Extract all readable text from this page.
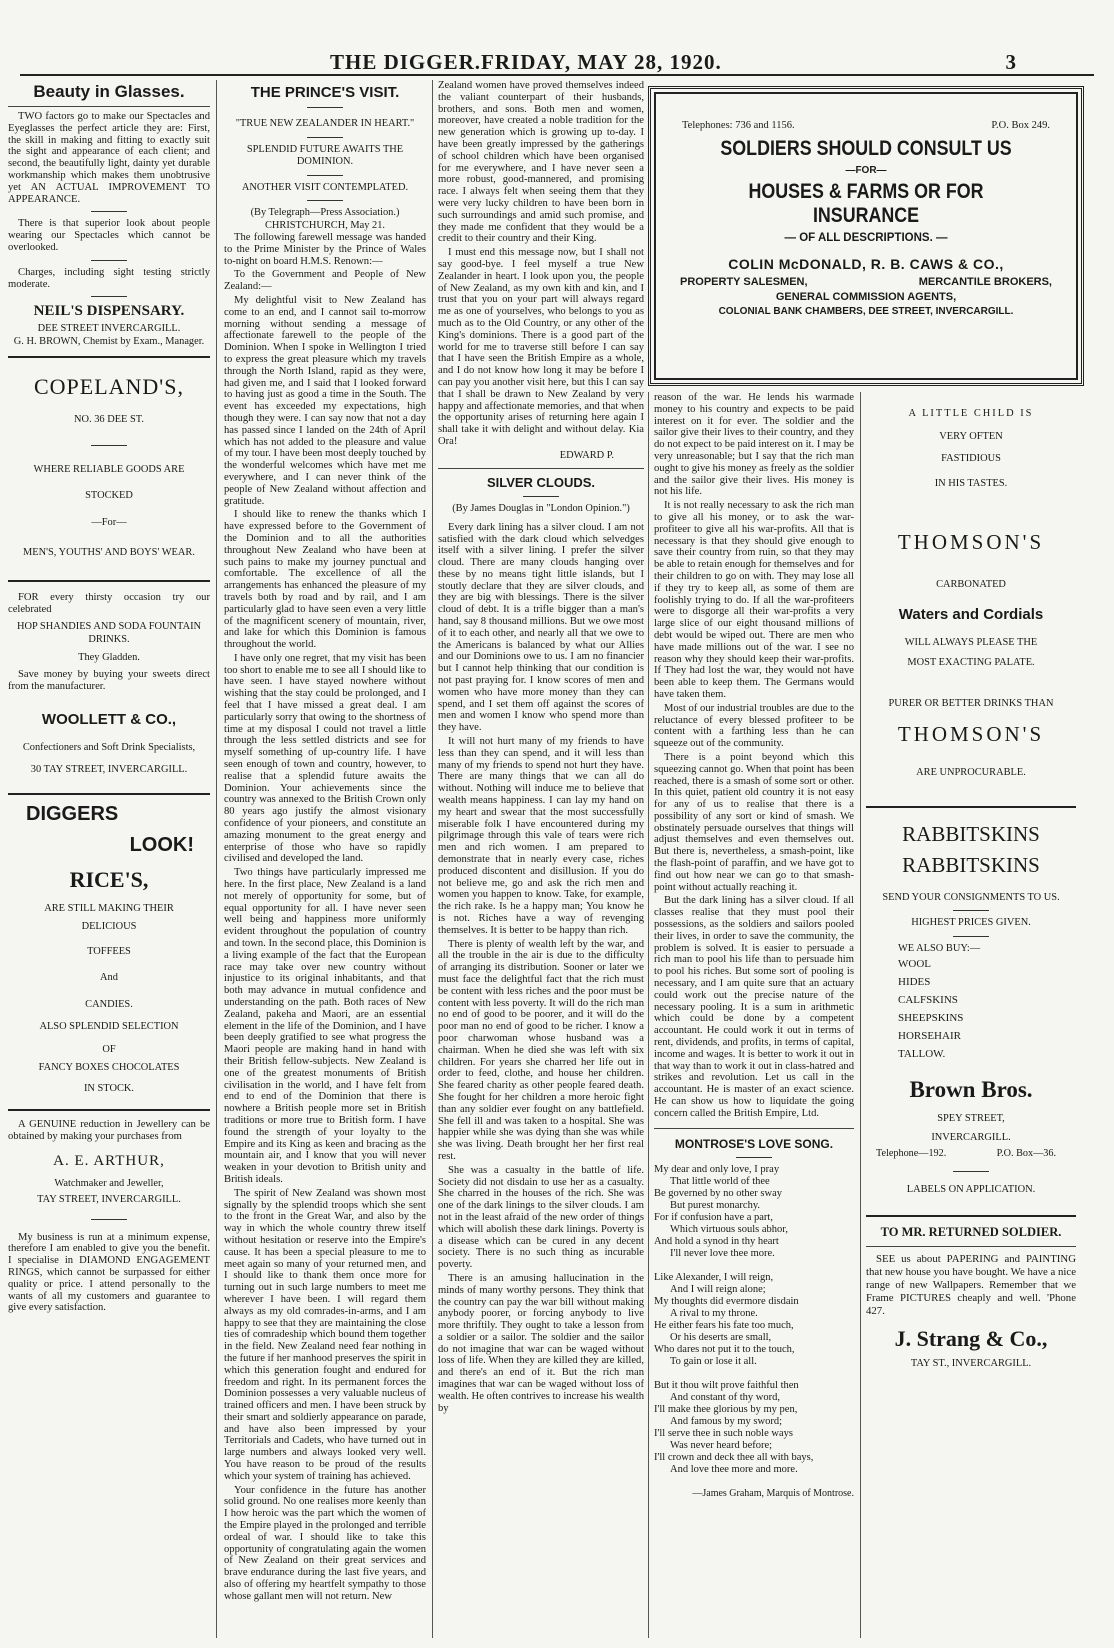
THE DIGGER.FRIDAY, MAY 28, 1920.	3
Beauty in Glasses.

TWO factors go to make our Spectacles and Eyeglasses the perfect article they are: First, the skill in making and fitting to exactly suit the sight and appearance of each client; and second, the beautifully light, dainty yet durable workmanship which makes them unobtrusive yet AN ACTUAL IMPROVEMENT TO APPEARANCE.

There is that superior look about people wearing our Spectacles which cannot be overlooked.

Charges, including sight testing strictly moderate.

NEIL'S DISPENSARY.

DEE STREET INVERCARGILL.

G. H. BROWN, Chemist by Exam., Manager.

COPELAND'S,

NO. 36 DEE ST.

WHERE RELIABLE GOODS ARE

STOCKED

—For—

MEN'S, YOUTHS' AND BOYS' WEAR.

FOR every thirsty occasion try our celebrated

HOP SHANDIES AND SODA FOUNTAIN DRINKS.

They Gladden.

Save money by buying your sweets direct from the manufacturer.

WOOLLETT & CO.,

Confectioners and Soft Drink Specialists,

30 TAY STREET, INVERCARGILL.

DIGGERS
LOOK!
RICE'S,

ARE STILL MAKING THEIR

DELICIOUS

TOFFEES

And

CANDIES.

ALSO SPLENDID SELECTION

OF

FANCY BOXES CHOCOLATES

IN STOCK.

A GENUINE reduction in Jewellery can be obtained by making your purchases from

A. E. ARTHUR,

Watchmaker and Jeweller,

TAY STREET, INVERCARGILL.

My business is run at a minimum expense, therefore I am enabled to give you the benefit. I specialise in DIAMOND ENGAGEMENT RINGS, which cannot be surpassed for either quality or price. I attend personally to the wants of all my customers and guarantee to give every satisfaction.

THE PRINCE'S VISIT.

"TRUE NEW ZEALANDER IN HEART."

SPLENDID FUTURE AWAITS THE DOMINION.

ANOTHER VISIT CONTEMPLATED.

(By Telegraph—Press Association.)

CHRISTCHURCH, May 21.

The following farewell message was handed to the Prime Minister by the Prince of Wales to-night on board H.M.S. Renown:—

To the Government and People of New Zealand:—

My delightful visit to New Zealand has come to an end, and I cannot sail to-morrow morning without sending a message of affectionate farewell to the people of the Dominion. When I spoke in Wellington I tried to express the great pleasure which my travels through the North Island, rapid as they were, had given me, and I said that I looked forward to having just as good a time in the South. The event has exceeded my expectations, high though they were. I can say now that not a day has passed since I landed on the 24th of April which has not added to the pleasure and value of my tour. I have been most deeply touched by the wonderful welcomes which have met me everywhere, and I can never think of the people of New Zealand without affection and gratitude.

I should like to renew the thanks which I have expressed before to the Government of the Dominion and to all the authorities throughout New Zealand who have been at such pains to make my journey punctual and comfortable. The excellence of all the arrangements has enhanced the pleasure of my travels both by road and by rail, and I am particularly glad to have seen even a very little of the magnificent scenery of mountain, river, and lake for which this Dominion is famous throughout the world.

I have only one regret, that my visit has been too short to enable me to see all I should like to have seen. I have stayed nowhere without wishing that the stay could be prolonged, and I feel that I have missed a great deal. I am particularly sorry that owing to the shortness of time at my disposal I could not travel a little through the less settled districts and see for myself something of up-country life. I have seen enough of town and country, however, to realise that a splendid future awaits the Dominion. Your achievements since the country was annexed to the British Crown only 80 years ago justify the almost visionary confidence of your pioneers, and constitute an amazing monument to the great energy and enterprise of those who have so rapidly civilised and developed the land.

Two things have particularly impressed me here. In the first place, New Zealand is a land not merely of opportunity for some, but of equal opportunity for all. I have never seen well being and happiness more uniformly evident throughout the population of country and town. In the second place, this Dominion is a living example of the fact that the European race may take over new country without injustice to its original inhabitants, and that both may advance in mutual confidence and understanding on the path. Both races of New Zealand, pakeha and Maori, are an essential element in the life of the Dominion, and I have been deeply gratified to see what progress the Maori people are making hand in hand with their British fellow-subjects. New Zealand is one of the greatest monuments of British civilisation in the world, and I have felt from end to end of the Dominion that there is nowhere a British people more set in British traditions or more true to British form. I have found the strength of your loyalty to the Empire and its King as keen and bracing as the mountain air, and I know that you will never weaken in your devotion to British unity and British ideals.

The spirit of New Zealand was shown most signally by the splendid troops which she sent to the front in the Great War, and also by the way in which the whole country threw itself without hesitation or reserve into the Empire's cause. It has been a special pleasure to me to meet again so many of your returned men, and I should like to thank them once more for turning out in such large numbers to meet me wherever I have been. I will regard them always as my old comrades-in-arms, and I am happy to see that they are maintaining the close ties of comradeship which bound them together in the field. New Zealand need fear nothing in the future if her manhood preserves the spirit in which this generation fought and endured for freedom and right. In its permanent forces the Dominion possesses a very valuable nucleus of trained officers and men. I have been struck by their smart and soldierly appearance on parade, and have also been impressed by your Territorials and Cadets, who have turned out in large numbers and always looked very well. You have reason to be proud of the results which your system of training has achieved.

Your confidence in the future has another solid ground. No one realises more keenly than I how heroic was the part which the women of the Empire played in the prolonged and terrible ordeal of war. I should like to take this opportunity of congratulating again the women of New Zealand on their great services and brave endurance during the last five years, and also of offering my heartfelt sympathy to those whose gallant men will not return. New

Zealand women have proved themselves indeed the valiant counterpart of their husbands, brothers, and sons. Both men and women, moreover, have created a noble tradition for the new generation which is growing up to-day. I have been greatly impressed by the gatherings of school children which have been organised for me everywhere, and I have never seen a more robust, good-mannered, and promising race. I always felt when seeing them that they were very lucky children to have been born in such surroundings and amid such promise, and they made me confident that they would be a credit to their country and their King.

I must end this message now, but I shall not say good-bye. I feel myself a true New Zealander in heart. I look upon you, the people of New Zealand, as my own kith and kin, and I trust that you on your part will always regard me as one of yourselves, who belongs to you as much as to the Old Country, or any other of the King's dominions. There is a good part of the world for me to traverse still before I can say that I have seen the British Empire as a whole, and I do not know how long it may be before I can pay you another visit here, but this I can say that I shall be drawn to New Zealand by very happy and affectionate memories, and that when the opportunity arises of returning here again I shall take it with delight and without delay. Kia Ora!

EDWARD P.

SILVER CLOUDS.

(By James Douglas in "London Opinion.")

Every dark lining has a silver cloud. I am not satisfied with the dark cloud which selvedges itself with a silver lining. I prefer the silver cloud. There are many clouds hanging over these by no means tight little islands, but I stoutly declare that they are silver clouds, and they are big with blessings. There is the silver cloud of debt. It is a trifle bigger than a man's hand, say 8 thousand millions. But we owe most of it to each other, and nearly all that we owe to the Americans is balanced by what our Allies and our Dominions owe to us. I am no financier but I cannot help thinking that our condition is not past praying for. I know scores of men and women who have more money than they can spend, and I set them off against the scores of men and women I know who spend more than they have.

It will not hurt many of my friends to have less than they can spend, and it will less than many of my friends to spend not hurt they have. There are many things that we can all do without. Nothing will induce me to believe that wealth means happiness. I can lay my hand on my heart and swear that the most successfully miserable folk I have encountered during my pilgrimage through this vale of tears were rich men and rich women. I am prepared to demonstrate that in nearly every case, riches produced discontent and disillusion. If you do not believe me, go and ask the rich men and women you happen to know. Take, for example, the rich rake. Is he a happy man; You know he is not. Riches have a way of revenging themselves. It is better to be happy than rich.

There is plenty of wealth left by the war, and all the trouble in the air is due to the difficulty of arranging its distribution. Sooner or later we must face the delightful fact that the rich must be content with less riches and the poor must be content with less poverty. It will do the rich man no end of good to be poorer, and it will do the poor man no end of good to be richer. I know a poor charwoman whose husband was a chairman. When he died she was left with six children. For years she charred her life out in order to feed, clothe, and house her children. She feared charity as other people feared death. She fought for her children a more heroic fight than any soldier ever fought on any battlefield. She fell ill and was taken to a hospital. She was happier while she was dying than she was while she was living. Death brought her her first real rest.

She was a casualty in the battle of life. Society did not disdain to use her as a casualty. She charred in the houses of the rich. She was one of the dark linings to the silver clouds. I am not in the least afraid of the new order of things which will abolish these dark linings. Poverty is a disease which can be cured in any decent society. There is no such thing as incurable poverty.

There is an amusing hallucination in the minds of many worthy persons. They think that the country can pay the war bill without making anybody poorer, or forcing anybody to live more thriftily. They ought to take a lesson from a soldier or a sailor. The soldier and the sailor do not imagine that war can be waged without loss of life. When they are killed they are killed, and there's an end of it. But the rich man imagines that war can be waged without loss of wealth. He often contrives to increase his wealth by

Telephones: 736 and 1156.	P.O. Box 249.
SOLDIERS SHOULD CONSULT US
—FOR—
HOUSES & FARMS OR FOR INSURANCE
— OF ALL DESCRIPTIONS. —
COLIN McDONALD, R. B. CAWS & CO.,
PROPERTY SALESMEN,	MERCANTILE BROKERS,
GENERAL COMMISSION AGENTS,
COLONIAL BANK CHAMBERS, DEE STREET, INVERCARGILL.

reason of the war. He lends his warmade money to his country and expects to be paid interest on it for ever. The soldier and the sailor give their lives to their country, and they do not expect to be paid interest on it. I may be very unreasonable; but I say that the rich man ought to give his money as freely as the soldier and the sailor give their lives. His money is not his life.

It is not really necessary to ask the rich man to give all his money, or to ask the war-profiteer to give all his war-profits. All that is necessary is that they should give enough to save their country from ruin, so that they may be able to retain enough for themselves and for their children to go on with. They may lose all if they try to keep all, as some of them are foolishly trying to do. If all the war-profiteers were to disgorge all their war-profits a very large slice of our eight thousand millions of debt would be wiped out. There are men who have made millions out of the war. I see no reason why they should keep their war-profits. If They had lost the war, they would not have been able to keep them. The Germans would have taken them.

Most of our industrial troubles are due to the reluctance of every blessed profiteer to be content with a farthing less than he can squeeze out of the community.

There is a point beyond which this squeezing cannot go. When that point has been reached, there is a smash of some sort or other. In this quiet, patient old country it is not easy for any of us to realise that there is a possibility of any sort or kind of smash. We obstinately persuade ourselves that things will adjust themselves and even themselves out. But there is, nevertheless, a smash-point, like the flash-point of paraffin, and we have got to find out how near we can go to that smash-point without actually reaching it.

But the dark lining has a silver cloud. If all classes realise that they must pool their possessions, as the soldiers and sailors pooled their lives, in order to save the community, the problem is solved. It is easier to persuade a rich man to pool his life than to persuade him to pool his riches. But some sort of pooling is necessary, and I am quite sure that an actuary could work out the precise nature of the necessary pooling. It is a sum in arithmetic which could be done by a competent accountant. He could work it out in terms of rent, dividends, and profits, in terms of capital, income and wages. It is better to work it out in that way than to work it out in class-hatred and strikes and revolution. Let us call in the accountant. He is master of an exact science. He can show us how to liquidate the going concern called the British Empire, Ltd.

MONTROSE'S LOVE SONG.

My dear and only love, I pray

That little world of thee

Be governed by no other sway

But purest monarchy.

For if confusion have a part,

Which virtuous souls abhor,

And hold a synod in thy heart

I'll never love thee more.

Like Alexander, I will reign,

And I will reign alone;

My thoughts did evermore disdain

A rival to my throne.

He either fears his fate too much,

Or his deserts are small,

Who dares not put it to the touch,

To gain or lose it all.

But it thou wilt prove faithful then

And constant of thy word,

I'll make thee glorious by my pen,

And famous by my sword;

I'll serve thee in such noble ways

Was never heard before;

I'll crown and deck thee all with bays,

And love thee more and more.

—James Graham, Marquis of Montrose.

A LITTLE CHILD IS

VERY OFTEN

FASTIDIOUS

IN HIS TASTES.

THOMSON'S

CARBONATED

Waters and Cordials

WILL ALWAYS PLEASE THE

MOST EXACTING PALATE.

PURER OR BETTER DRINKS THAN

THOMSON'S

ARE UNPROCURABLE.

RABBITSKINS
RABBITSKINS

SEND YOUR CONSIGNMENTS TO US.

HIGHEST PRICES GIVEN.

WE ALSO BUY:—

WOOL
HIDES
CALFSKINS
SHEEPSKINS
HORSEHAIR
TALLOW.
Brown Bros.

SPEY STREET,

INVERCARGILL.

Telephone—192.	P.O. Box—36.

LABELS ON APPLICATION.

TO MR. RETURNED SOLDIER.

SEE us about PAPERING and PAINTING that new house you have bought. We have a nice range of new Wallpapers. Remember that we Frame PICTURES cheaply and well. 'Phone 427.

J. Strang & Co.,

TAY ST., INVERCARGILL.
